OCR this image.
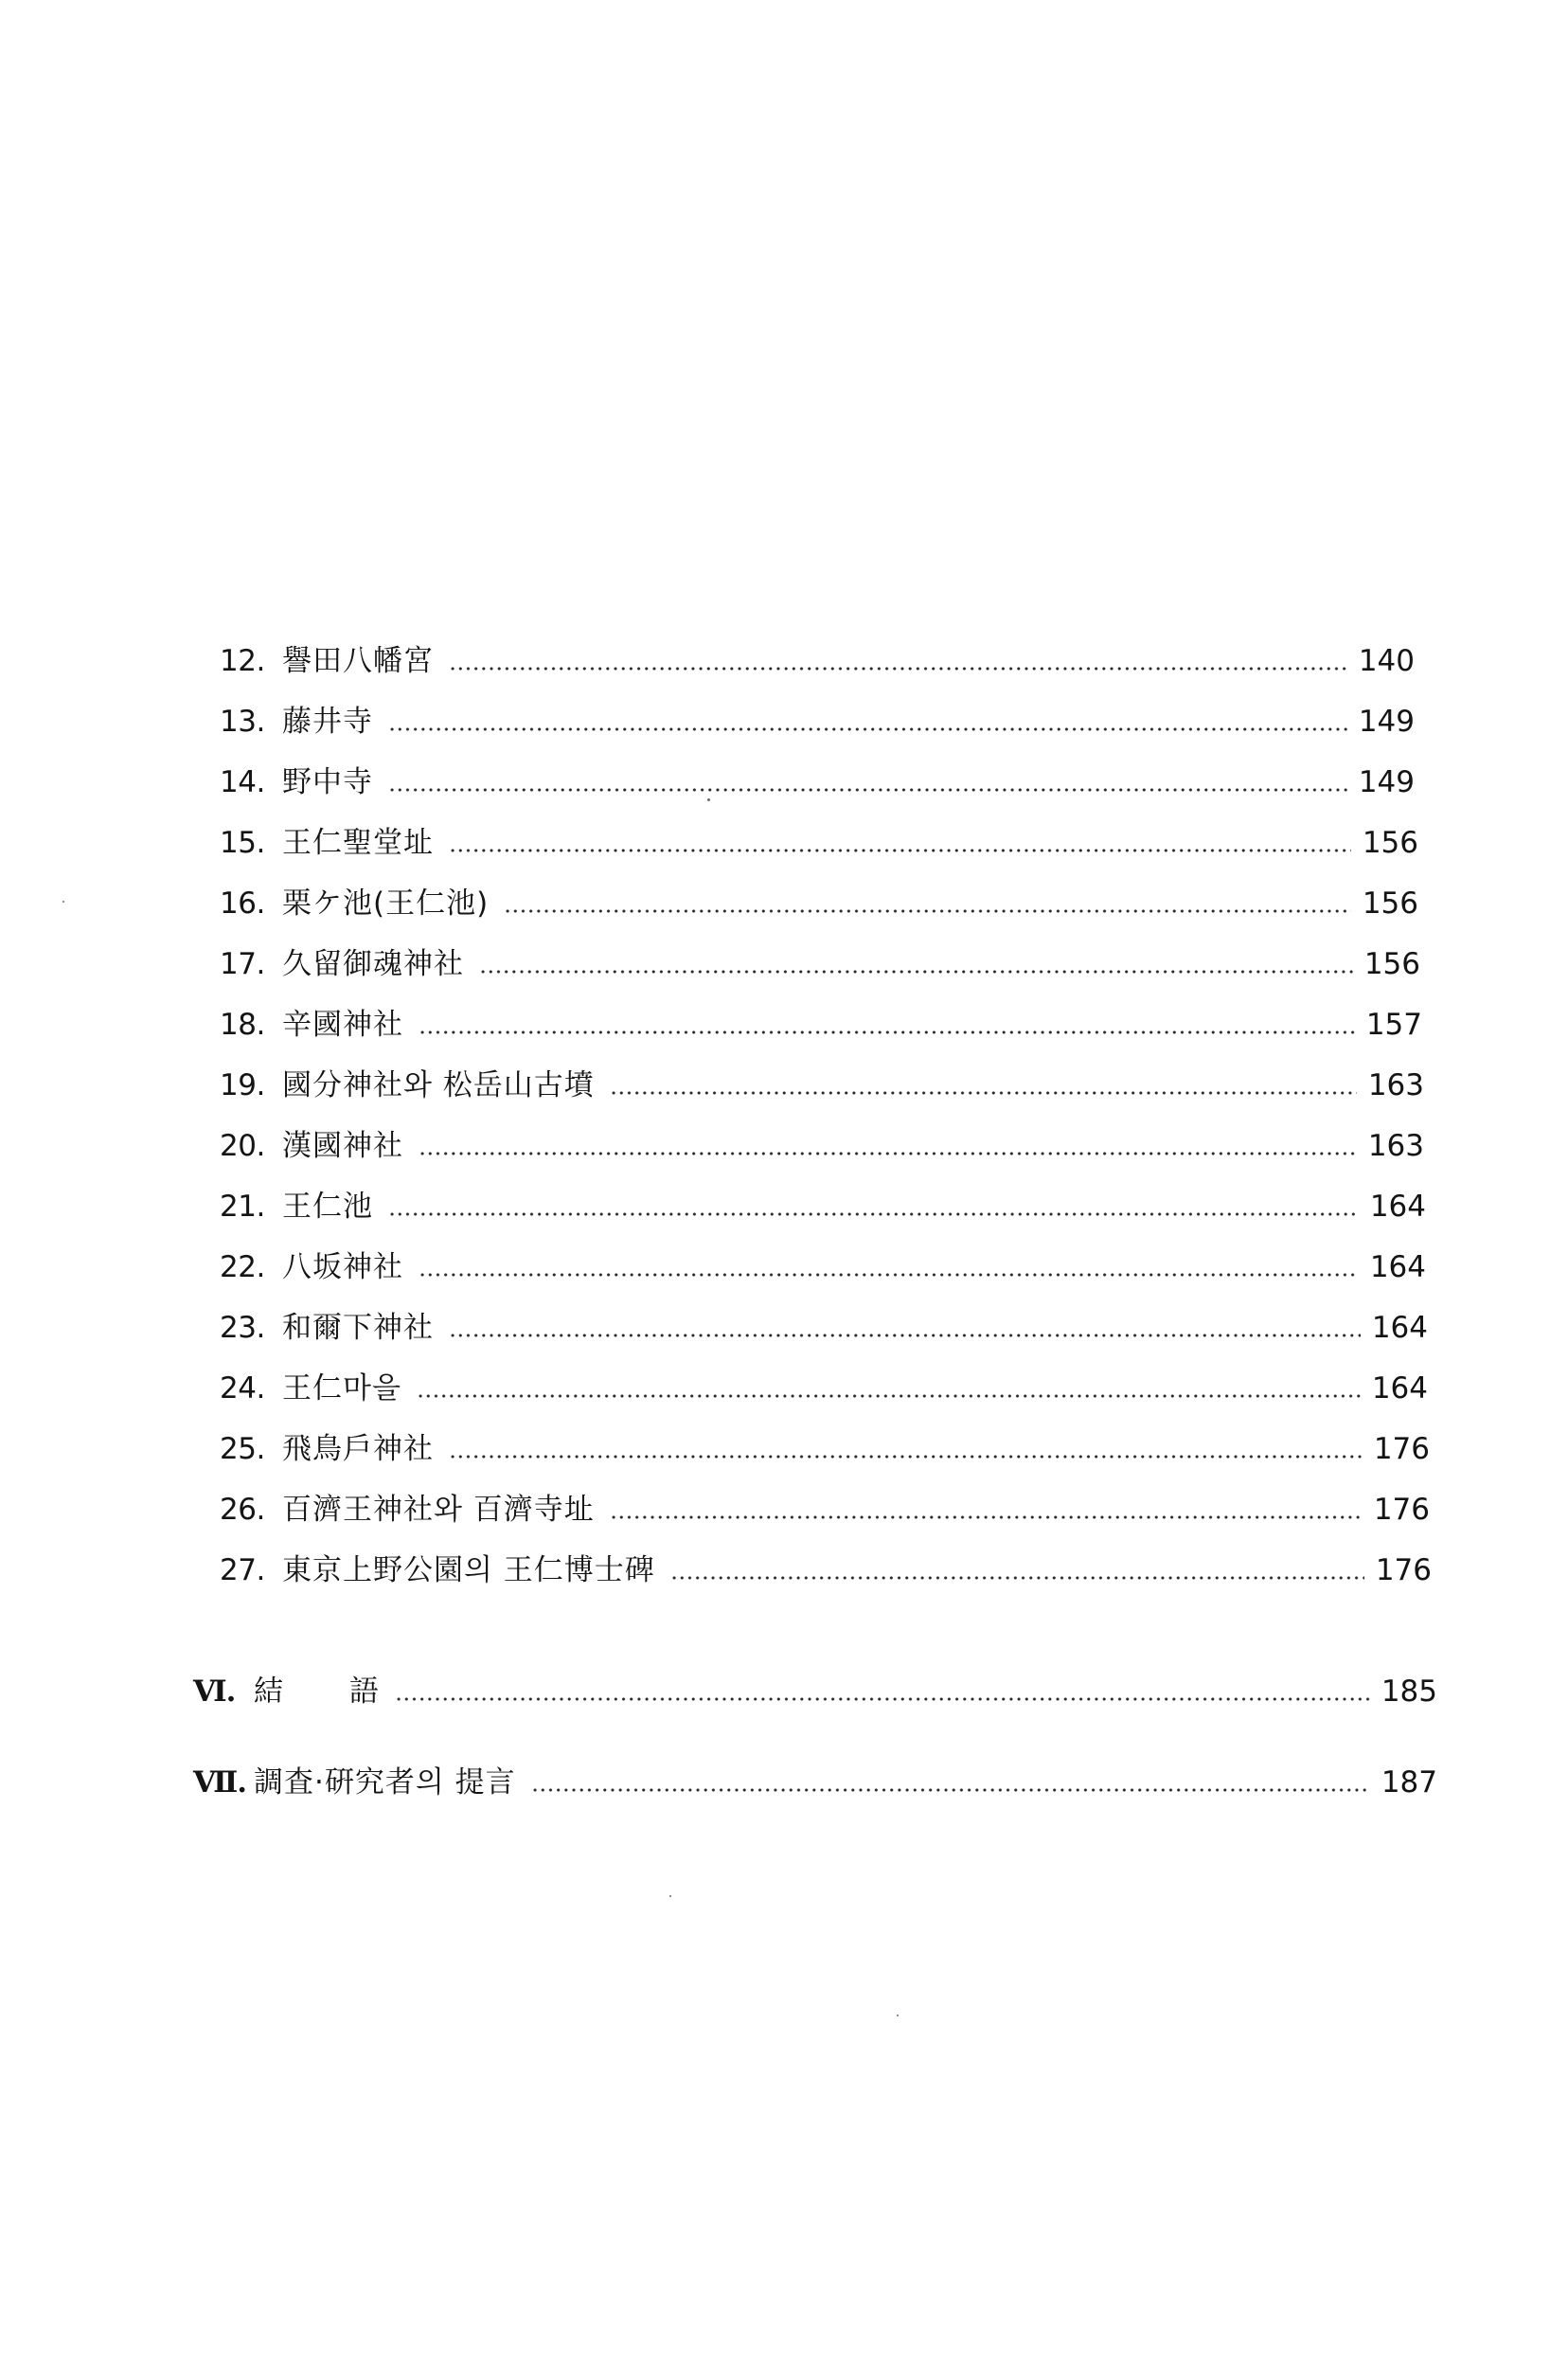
12. 譽田八幡宮	140
13. 藤井寺	149
14. 野中寺	149
15. 王仁聖堂址	156
16. 栗ケ池(王仁池)	156
17. 久留御魂神社	156
18. 辛國神社	157
19. 國分神社와 松岳山古墳	163
20. 漢國神社	163
21. 王仁池	164
22. 八坂神社	164
23. 和爾下神社	164
24. 王仁마을	164
25. 飛鳥戶神社	176
26. 百濟王神社와 百濟寺址	176
27. 東京上野公園의 王仁博士碑	176
Ⅵ. 結 語	185
Ⅶ. 調査·硏究者의 提言	187
